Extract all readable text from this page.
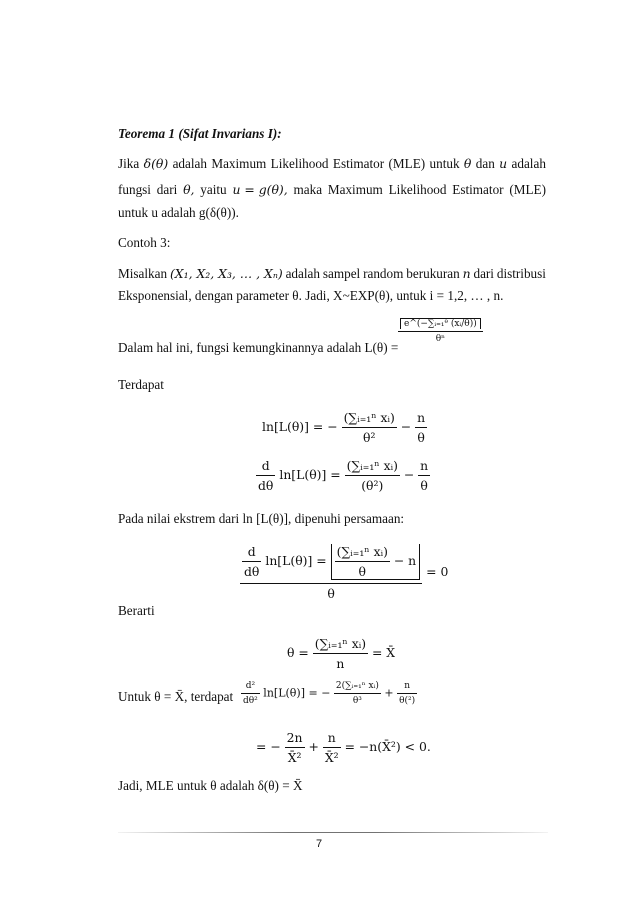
Teorema 1 (Sifat Invarians I):
Jika δ(θ) adalah Maximum Likelihood Estimator (MLE) untuk θ dan u adalah
fungsi dari θ, yaitu u = g(θ), maka Maximum Likelihood Estimator (MLE)
untuk u adalah g(δ(θ)).
Contoh 3:
Misalkan (X₁, X₂, X₃, … , Xₙ) adalah sampel random berukuran n dari distribusi
Eksponensial, dengan parameter θ. Jadi, X~EXP(θ), untuk i = 1,2, … , n.
Dalam hal ini, fungsi kemungkinannya adalah L(θ) =
$\frac{\text{e\textasciicircum{}(−∑ᵢ₌₁ᶿ (xᵢ/θ))}}{\text{θⁿ}}$
Terdapat
ln[L(θ)] = − $\frac{\text{(∑ᵢ₌₁ⁿ xᵢ)}}{\text{θ²}} - \frac{n}{\theta}$
$\frac{d}{d\theta} \ln[L(\theta)] = \frac{\text{(∑ᵢ₌₁ⁿ xᵢ)}}{\text{(θ²)}} - \frac{n}{\theta}$
Pada nilai ekstrem dari ln [L(θ)], dipenuhi persamaan:
$\frac{d}{d\theta} \ln[L(\theta)] = \frac{\text{(∑ᵢ₌₁ⁿ xᵢ)}}{\theta} - n$
θ
= 0
Berarti
$\theta = \frac{\text{(∑ᵢ₌₁ⁿ xᵢ)}}{n}$ = X̄
Untuk θ = X̄, terdapat $\frac{\text{d²}}{\text{dθ²}} \ln[L(\theta)]$ = − $\frac{\text{2(∑ᵢ₌₁ⁿ xᵢ)}}{\text{θ³}} + \frac{n}{\text{θ(²)}}$
= − $\frac{2n}{\text{X̄²}} + \frac{n}{\text{X̄²}}$ = −n(X̄²) < 0.
Jadi, MLE untuk θ adalah δ(θ) = X̄
7
